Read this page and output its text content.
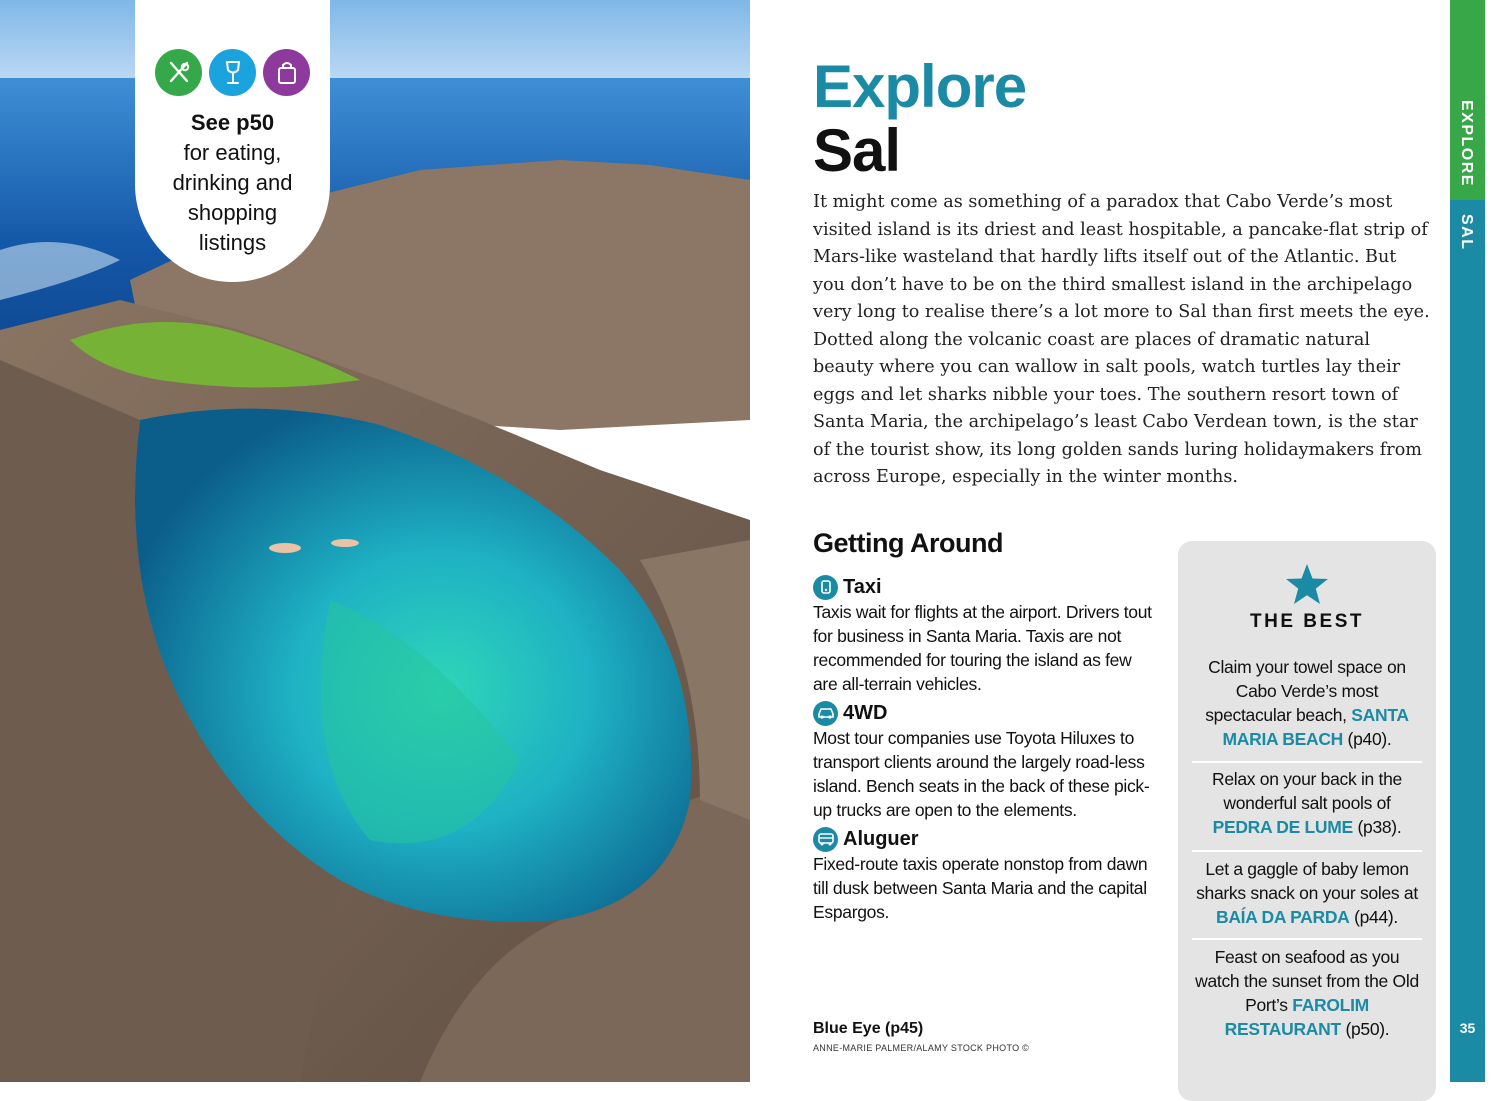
See p50
for eating, drinking and shopping listings
Explore
Sal

It might come as something of a paradox that Cabo Verde’s most visited island is its driest and least hospitable, a pancake-flat strip of Mars-like wasteland that hardly lifts itself out of the Atlantic. But you don’t have to be on the third smallest island in the archipelago very long to realise there’s a lot more to Sal than first meets the eye. Dotted along the volcanic coast are places of dramatic natural beauty where you can wallow in salt pools, watch turtles lay their eggs and let sharks nibble your toes. The southern resort town of Santa Maria, the archipelago’s least Cabo Verdean town, is the star of the tourist show, its long golden sands luring holidaymakers from across Europe, especially in the winter months.

Getting Around
Taxi

Taxis wait for flights at the airport. Drivers tout for business in Santa Maria. Taxis are not recommended for touring the island as few are all-terrain vehicles.

4WD

Most tour companies use Toyota Hiluxes to transport clients around the largely road-less island. Bench seats in the back of these pick-up trucks are open to the elements.

Aluguer

Fixed-route taxis operate nonstop from dawn till dusk between Santa Maria and the capital Espargos.

Blue Eye (p45)
ANNE-MARIE PALMER/ALAMY STOCK PHOTO ©
THE BEST
Claim your towel space on Cabo Verde’s most spectacular beach, SANTA MARIA BEACH (p40).
Relax on your back in the wonderful salt pools of PEDRA DE LUME (p38).
Let a gaggle of baby lemon sharks snack on your soles at BAÍA DA PARDA (p44).
Feast on seafood as you watch the sunset from the Old Port’s FAROLIM RESTAURANT (p50).
EXPLORE
SAL
35
